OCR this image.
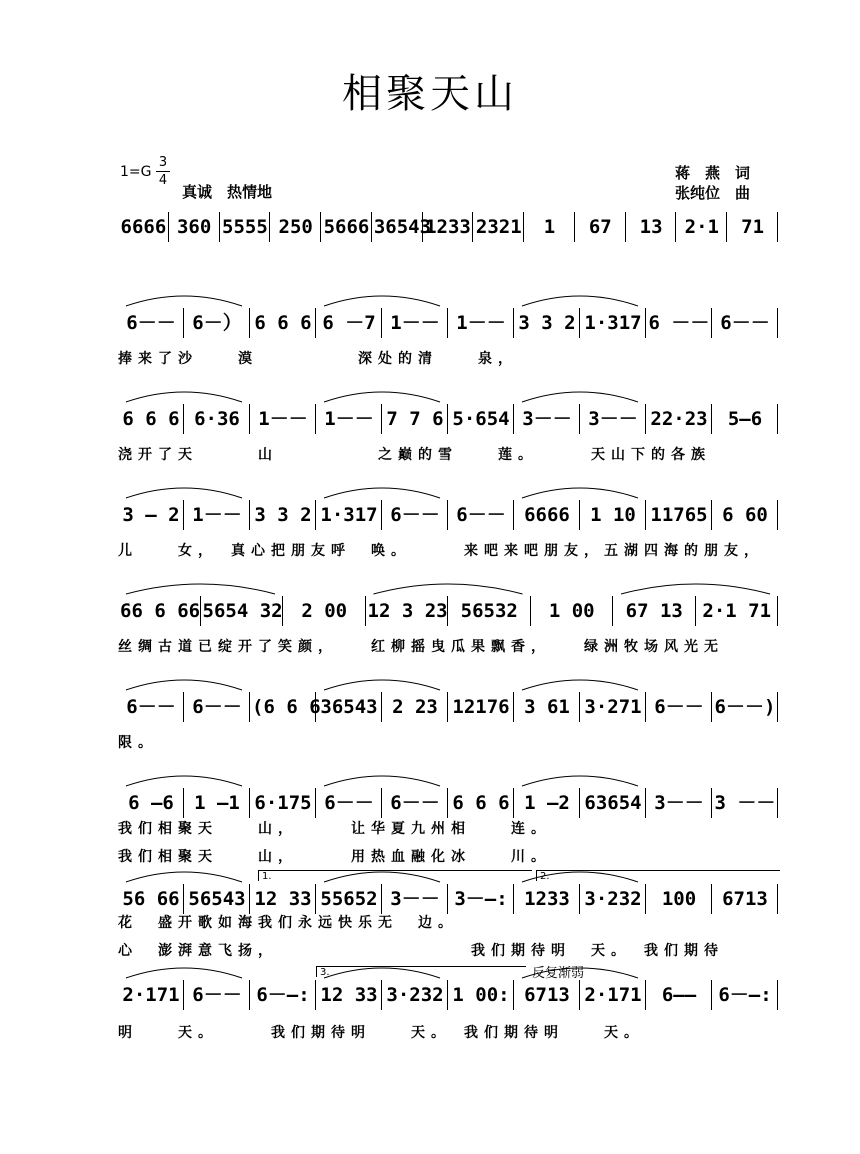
相聚天山
1=G
3
4
真诚　热情地
蒋　燕　词
张纯位　曲
6666 360 5555 250 5666 36543
1233 2321	1	67	13	2·1	71
6－－ 6－） 6 6 6 6 －7 1－－ 1－－ 3 3 2 1·317 6 －－ 6－－
捧来了沙　　漠　　　　　深处的清　　泉，
6 6 6 6·36 1－－ 1－－ 7 7 6 5·654 3－－ 3－－ 22·23	5–6
浇开了天　　　山　　　　　之巅的雪　　莲。　　　天山下的各族
3 – 2 1－－ 3 3 2 1·317 6－－ 6－－ 6666	1 10 11765 6 60
儿　　女，　真心把朋友呼　唤。　　　来吧来吧朋友，五湖四海的朋友，
66 6 66 5654 32 2 00	12 3 23 56532	1 00	67 13	2·1 71
丝绸古道已绽开了笑颜，　　红柳摇曳瓜果飘香，　　绿洲牧场风光无
6－－ 6－－ (6 6 6 36543 2 23 12176 3 61 3·271 6－－ 6－－)
限。
6 –6	1 –1 6·175 6－－ 6－－ 6 6 6 1 –2 63654 3－－ 3 －－
我们相聚天　　山，　　　让华夏九州相　　连。
我们相聚天　　山，　　　用热血融化冰　　川。
56 66 56543 12 33 55652 3－－ 3－–: 1233 3·232	100	6713
花　盛开歌如海我们永远快乐无　边。
心　澎湃意飞扬，　　　　　　　　　　我们期待明　天。　我们期待
2·171 6－－ 6－–: 12 33 3·232 1 00: 6713 2·171	6––	6－–:
明　　天。　　　我们期待明　　天。　我们期待明　　天。
1.	2.
3.	反复渐弱
